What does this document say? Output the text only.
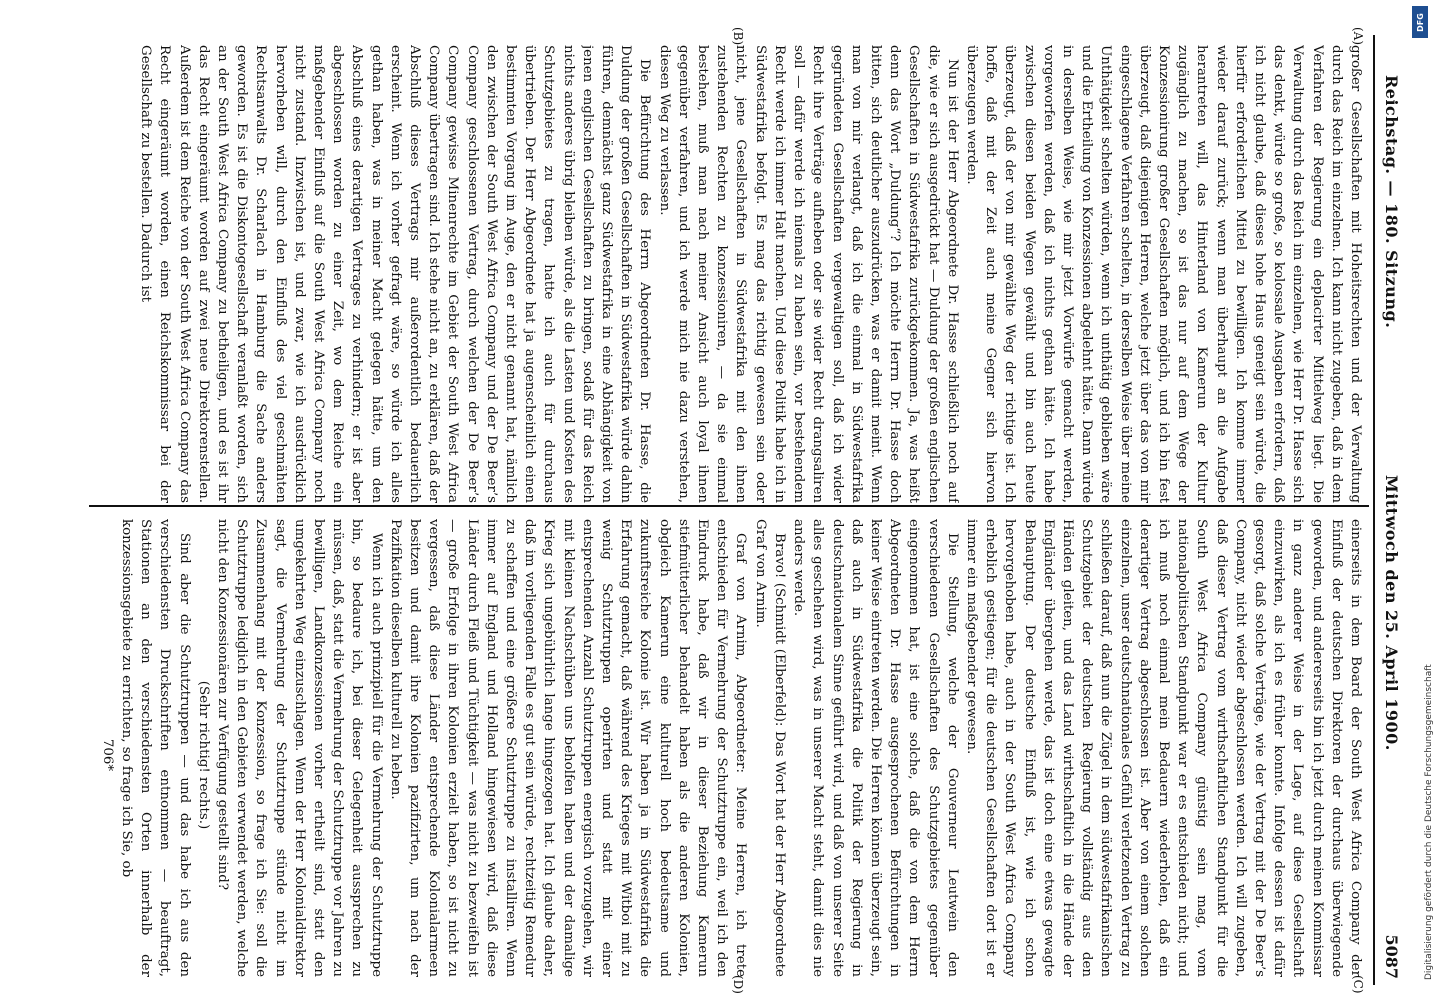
Reichstag. — 180. Sitzung.
Mittwoch den 25. April 1900.
5087
(A)
(B)
(C)
(D)

großer Gesellschaften mit Hoheitsrechten und der Verwaltung durch das Reich im einzelnen. Ich kann nicht zugeben, daß in dem Verfahren der Regierung ein deplacirter Mittelweg liegt. Die Verwaltung durch das Reich im einzelnen, wie Herr Dr. Hasse sich das denkt, würde so große, so kolossale Ausgaben erfordern, daß ich nicht glaube, daß dieses hohe Haus geneigt sein würde, die hierfür erforderlichen Mittel zu bewilligen. Ich komme immer wieder darauf zurück; wenn man überhaupt an die Aufgabe herantreten will, das Hinterland von Kamerun der Kultur zugänglich zu machen, so ist das nur auf dem Wege der Konzessionirung großer Gesellschaften möglich, und ich bin fest überzeugt, daß diejenigen Herren, welche jetzt über das von mir eingeschlagene Verfahren schelten, in derselben Weise über meine Unthätigkeit schelten würden, wenn ich unthätig geblieben wäre und die Ertheilung von Konzessionen abgelehnt hätte. Dann würde in derselben Weise, wie mir jetzt Vorwürfe gemacht werden, vorgeworfen werden, daß ich nichts gethan hätte. Ich habe zwischen diesen beiden Wegen gewählt und bin auch heute überzeugt, daß der von mir gewählte Weg der richtige ist. Ich hoffe, daß mit der Zeit auch meine Gegner sich hiervon überzeugen werden.

Nun ist der Herr Abgeordnete Dr. Hasse schließlich noch auf die, wie er sich ausgedrückt hat — Duldung der großen englischen Gesellschaften in Südwestafrika zurückgekommen. Ja, was heißt denn das Wort „Duldung“? Ich möchte Herrn Dr. Hasse doch bitten, sich deutlicher auszudrücken, was er damit meint. Wenn man von mir verlangt, daß ich die einmal in Südwestafrika gegründeten Gesellschaften vergewaltigen soll, daß ich wider Recht ihre Verträge aufheben oder sie wider Recht drangsaliren soll — dafür werde ich niemals zu haben sein, vor bestehendem Recht werde ich immer Halt machen. Und diese Politik habe ich in Südwestafrika befolgt. Es mag das richtig gewesen sein oder nicht, jene Gesellschaften in Südwestafrika mit den ihnen zustehenden Rechten zu konzessioniren, — da sie einmal bestehen, muß man nach meiner Ansicht auch loyal ihnen gegenüber verfahren, und ich werde mich nie dazu verstehen, diesen Weg zu verlassen.

Die Befürchtung des Herrn Abgeordneten Dr. Hasse, die Duldung der großen Gesellschaften in Südwestafrika würde dahin führen, demnächst ganz Südwestafrika in eine Abhängigkeit von jenen englischen Gesellschaften zu bringen, sodaß für das Reich nichts anderes übrig bleiben würde, als die Lasten und Kosten des Schutzgebietes zu tragen, hatte ich auch für durchaus übertrieben. Der Herr Abgeordnete hat ja augenscheinlich einen bestimmten Vorgang im Auge, den er nicht genannt hat, nämlich den zwischen der South West Africa Company und der De Beer’s Company geschlossenen Vertrag, durch welchen der De Beer’s Company gewisse Minenrechte im Gebiet der South West Africa Company übertragen sind. Ich stehe nicht an, zu erklären, daß der Abschluß dieses Vertrags mir außerordentlich bedauerlich erscheint. Wenn ich vorher gefragt wäre, so würde ich alles gethan haben, was in meiner Macht gelegen hätte, um den Abschluß eines derartigen Vertrages zu verhindern; er ist aber abgeschlossen worden zu einer Zeit, wo dem Reiche ein maßgebender Einfluß auf die South West Africa Company noch nicht zustand. Inzwischen ist, und zwar, wie ich ausdrücklich hervorheben will, durch den Einfluß des viel geschmähten Rechtsanwalts Dr. Scharlach in Hamburg die Sache anders geworden. Es ist die Diskontogesellschaft veranlaßt worden, sich an der South West Africa Company zu betheiligen, und es ist ihr das Recht eingeräumt worden auf zwei neue Direktorenstellen. Außerdem ist dem Reiche von der South West Africa Company das Recht eingeräumt worden, einen Reichskommissar bei der Gesellschaft zu bestellen. Dadurch ist

einerseits in dem Board der South West Africa Company der Einfluß der deutschen Direktoren der durchaus überwiegende geworden, und andererseits bin ich jetzt durch meinen Kommissar in ganz anderer Weise in der Lage, auf diese Gesellschaft einzuwirken, als ich es früher konnte. Infolge dessen ist dafür gesorgt, daß solche Verträge, wie der Vertrag mit der De Beer’s Company, nicht wieder abgeschlossen werden. Ich will zugeben, daß dieser Vertrag vom wirthschaftlichen Standpunkt für die South West Africa Company günstig sein mag, vom nationalpolitischen Standpunkt war er es entschieden nicht; und ich muß noch einmal mein Bedauern wiederholen, daß ein derartiger Vertrag abgeschlossen ist. Aber von einem solchen einzelnen, unser deutschnationales Gefühl verletzenden Vertrag zu schließen darauf, daß nun die Zügel in dem südwestafrikanischen Schutzgebiet der deutschen Regierung vollständig aus den Händen gleiten, und das Land wirthschaftlich in die Hände der Engländer übergehen werde, das ist doch eine etwas gewagte Behauptung. Der deutsche Einfluß ist, wie ich schon hervorgehoben habe, auch in der South West Africa Company erheblich gestiegen; für die deutschen Gesellschaften dort ist er immer ein maßgebender gewesen.

Die Stellung, welche der Gouverneur Leutwein den verschiedenen Gesellschaften des Schutzgebietes gegenüber eingenommen hat, ist eine solche, daß die von dem Herrn Abgeordneten Dr. Hasse ausgesprochenen Befürchtungen in keiner Weise eintreten werden. Die Herren können überzeugt sein, daß auch in Südwestafrika die Politik der Regierung in deutschnationalem Sinne geführt wird, und daß von unserer Seite alles geschehen wird, was in unserer Macht steht, damit dies nie anders werde.

Bravo! (Schmidt (Elberfeld): Das Wort hat der Herr Abgeordnete Graf von Arnim.

Graf von Arnim, Abgeordneter: Meine Herren, ich trete entschieden für Vermehrung der Schutztruppe ein, weil ich den Eindruck habe, daß wir in dieser Beziehung Kamerun stiefmütterlicher behandelt haben als die anderen Kolonien, obgleich Kamerun eine kulturell hoch bedeutsame und zukunftsreiche Kolonie ist. Wir haben ja in Südwestafrika die Erfahrung gemacht, daß während des Krieges mit Witboi mit zu wenig Schutztruppen operirten und statt mit einer entsprechenden Anzahl Schutztruppen energisch vorzugehen, wir mit kleinen Nachschüben uns beholfen haben und der damalige Krieg sich ungebührlich lange hingezogen hat. Ich glaube daher, daß im vorliegenden Falle es gut sein würde, rechtzeitig Remedur zu schaffen und eine größere Schutztruppe zu installiren. Wenn immer auf England und Holland hingewiesen wird, daß diese Länder durch Fleiß und Tüchtigkeit — was nicht zu bezweifeln ist — große Erfolge in ihren Kolonien erzielt haben, so ist nicht zu vergessen, daß diese Länder entsprechende Kolonialarmeen besitzen und damit ihre Kolonien pazifizirten, um nach der Pazifikation dieselben kulturell zu heben.

Wenn ich auch prinzipiell für die Vermehrung der Schutztruppe bin, so bedaure ich, bei dieser Gelegenheit aussprechen zu müssen, daß, statt die Vermehrung der Schutztruppe vor Jahren zu bewilligen, Landkonzessionen vorher ertheilt sind, statt den umgekehrten Weg einzuschlagen. Wenn der Herr Kolonialdirektor sagt, die Vermehrung der Schutztruppe stünde nicht im Zusammenhang mit der Konzession, so frage ich Sie: soll die Schutztruppe lediglich in den Gebieten verwendet werden, welche nicht den Konzessionären zur Verfügung gestellt sind?

(Sehr richtig! rechts.)

Sind aber die Schutztruppen — und das habe ich aus den verschiedensten Druckschriften entnommen — beauftragt, Stationen an den verschiedensten Orten innerhalb der konzessionsgebiete zu errichten, so frage ich Sie, ob

706*

DFG
Digitalisierung gefördert durch die Deutsche Forschungsgemeinschaft
